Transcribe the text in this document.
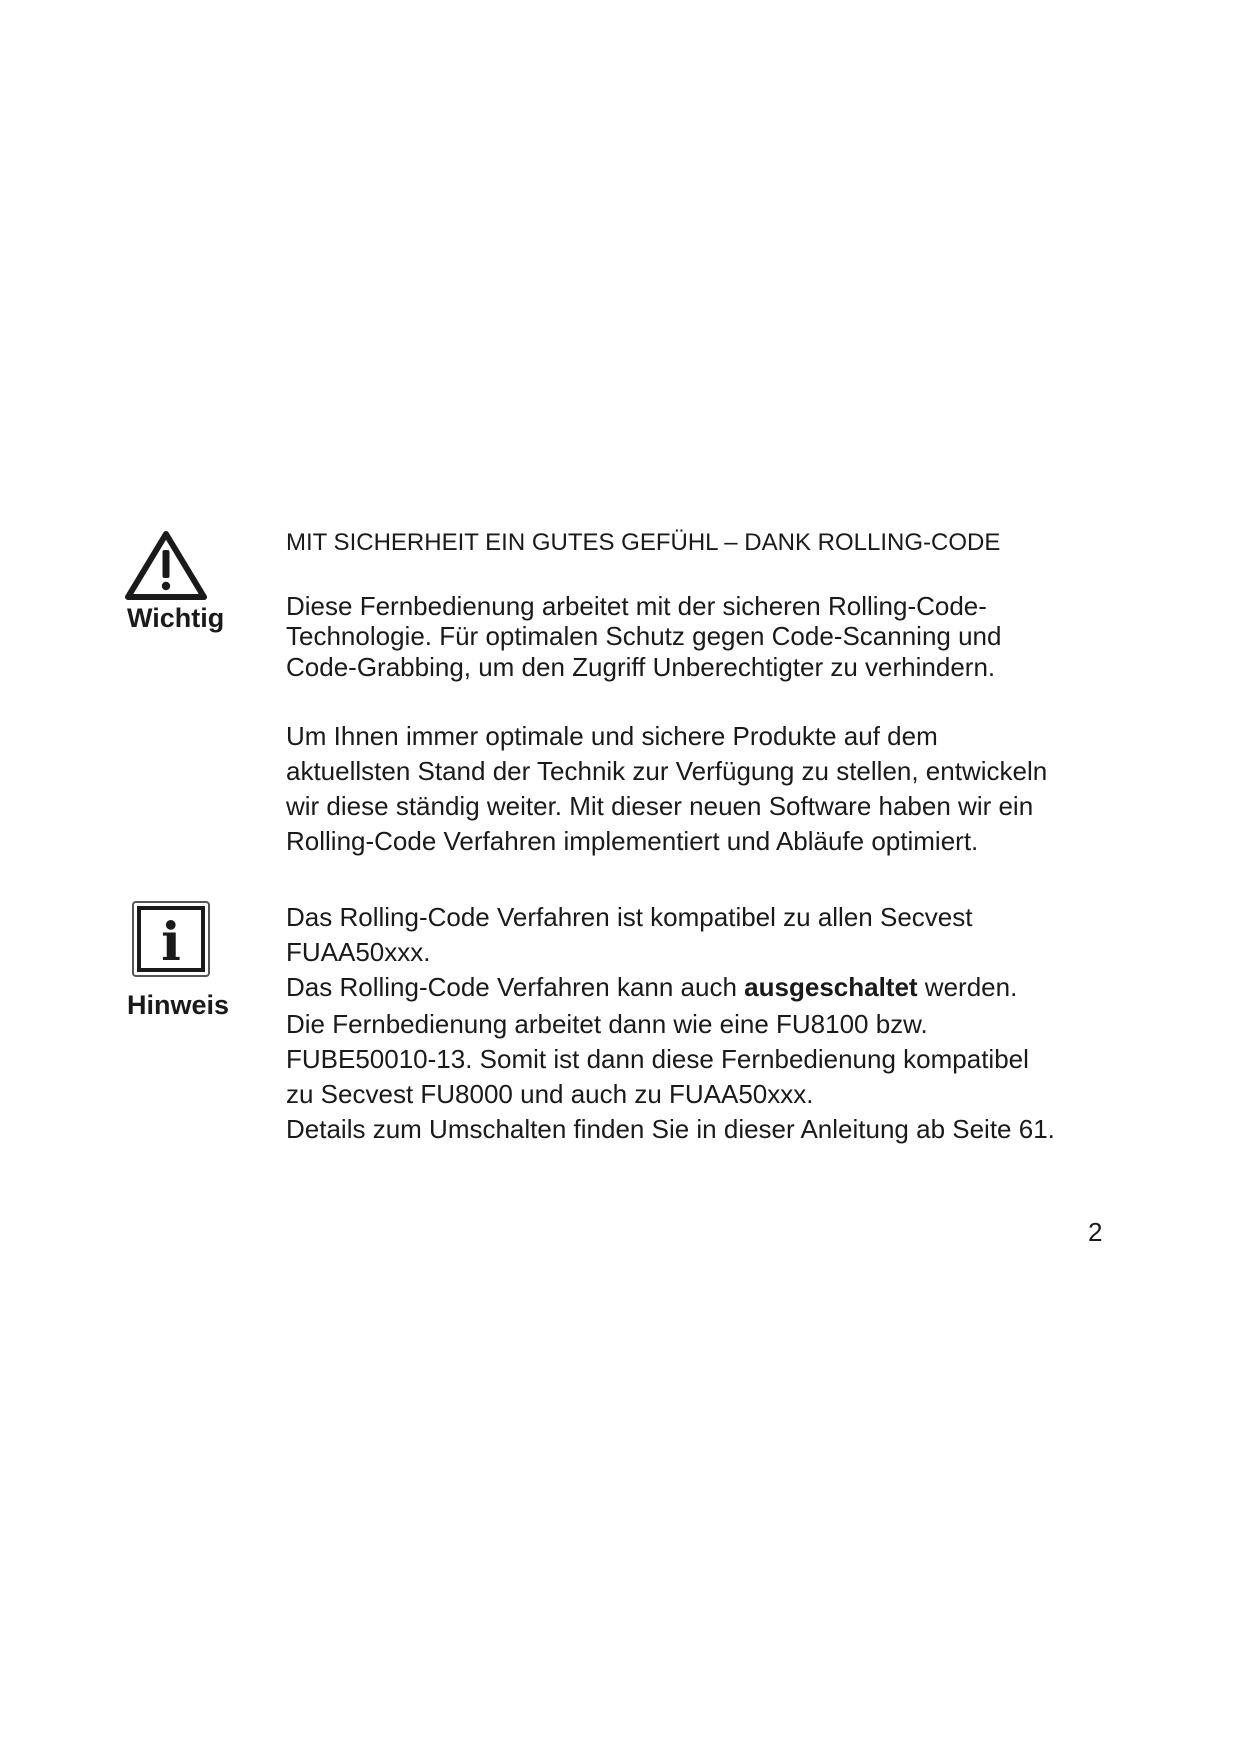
Wichtig
MIT SICHERHEIT EIN GUTES GEFÜHL – DANK ROLLING-CODE
Diese Fernbedienung arbeitet mit der sicheren Rolling-Code-
Technologie. Für optimalen Schutz gegen Code-Scanning und
Code-Grabbing, um den Zugriff Unberechtigter zu verhindern.
Um Ihnen immer optimale und sichere Produkte auf dem
aktuellsten Stand der Technik zur Verfügung zu stellen, entwickeln
wir diese ständig weiter. Mit dieser neuen Software haben wir ein
Rolling-Code Verfahren implementiert und Abläufe optimiert.
i
Hinweis
Das Rolling-Code Verfahren ist kompatibel zu allen Secvest
FUAA50xxx.
Das Rolling-Code Verfahren kann auch ausgeschaltet werden.
Die Fernbedienung arbeitet dann wie eine FU8100 bzw.
FUBE50010-13. Somit ist dann diese Fernbedienung kompatibel
zu Secvest FU8000 und auch zu FUAA50xxx.
Details zum Umschalten finden Sie in dieser Anleitung ab Seite 61.
2
